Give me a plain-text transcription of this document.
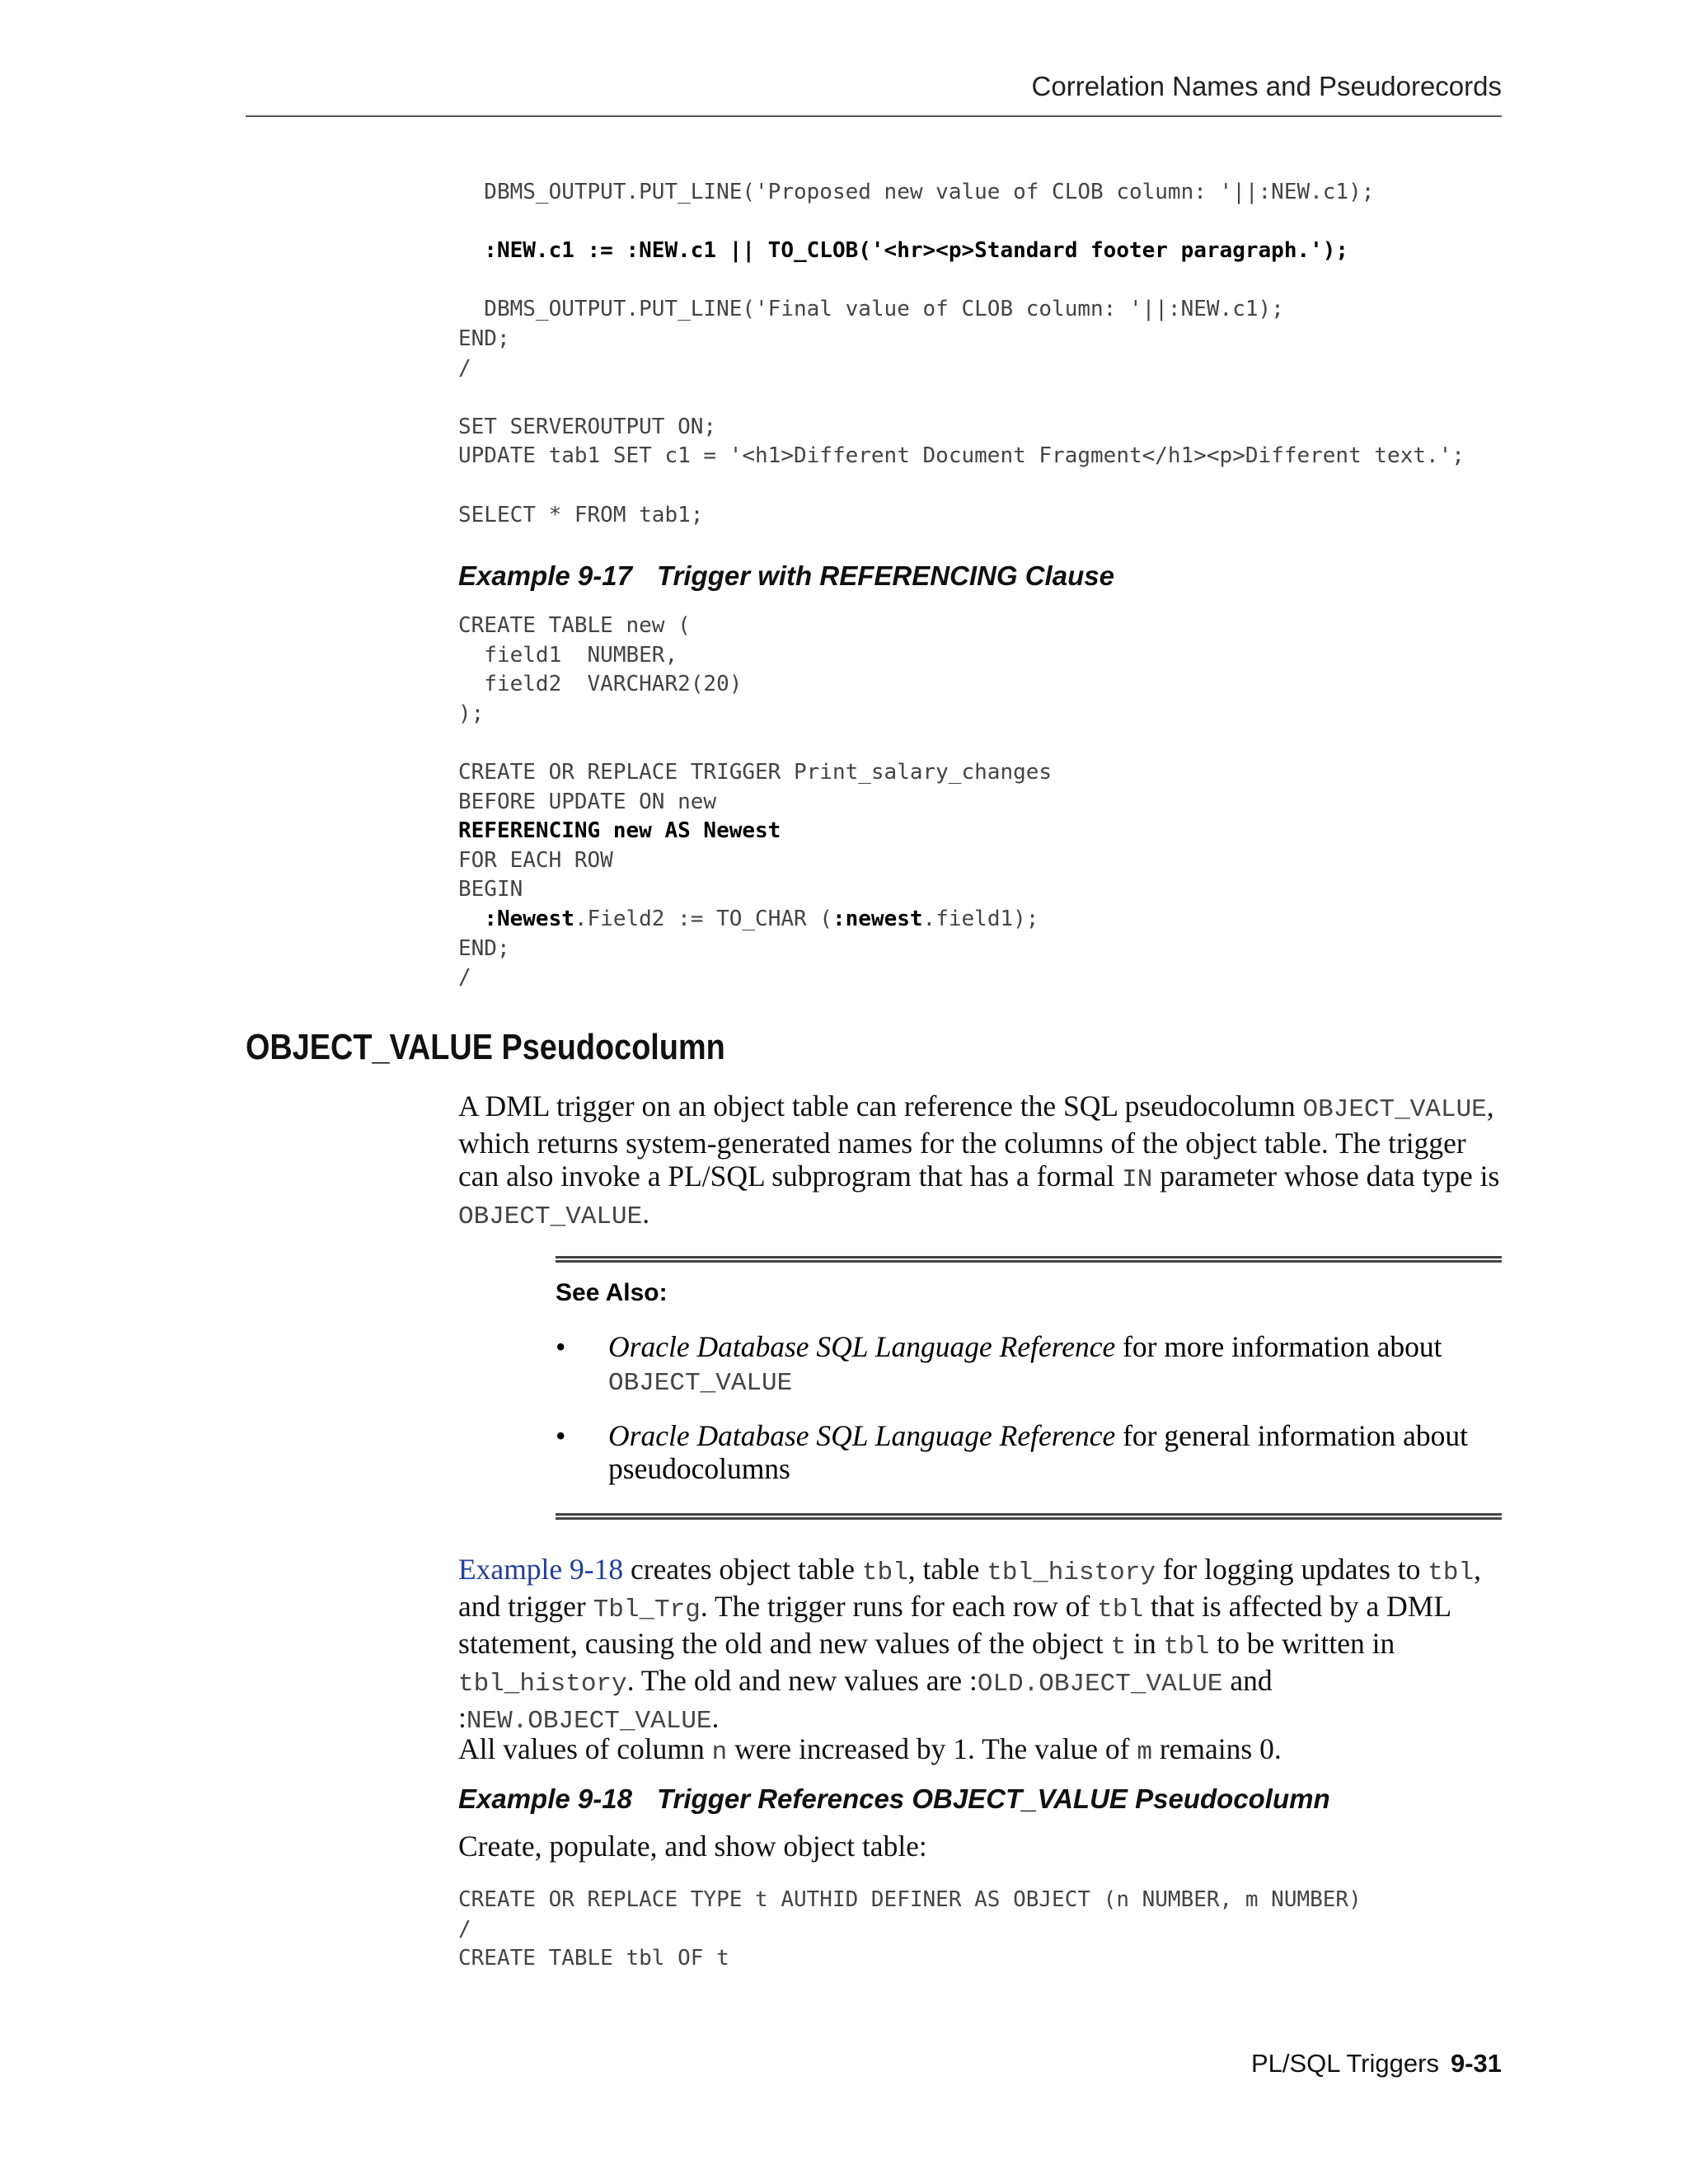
Correlation Names and Pseudorecords
DBMS_OUTPUT.PUT_LINE('Proposed new value of CLOB column: '||:NEW.c1);

:NEW.c1 := :NEW.c1 || TO_CLOB('<hr><p>Standard footer paragraph.');

DBMS_OUTPUT.PUT_LINE('Final value of CLOB column: '||:NEW.c1);
END;
/

SET SERVEROUTPUT ON;
UPDATE tab1 SET c1 = '<h1>Different Document Fragment</h1><p>Different text.';

SELECT * FROM tab1;
Example 9-17 Trigger with REFERENCING Clause
CREATE TABLE new (
field1  NUMBER,
field2  VARCHAR2(20)
);

CREATE OR REPLACE TRIGGER Print_salary_changes
BEFORE UPDATE ON new
REFERENCING new AS Newest
FOR EACH ROW
BEGIN
:Newest.Field2 := TO_CHAR (:newest.field1);
END;
/
OBJECT_VALUE Pseudocolumn

A DML trigger on an object table can reference the SQL pseudocolumn OBJECT_VALUE, which returns system-generated names for the columns of the object table. The trigger can also invoke a PL/SQL subprogram that has a formal IN parameter whose data type is OBJECT_VALUE.

See Also:
• Oracle Database SQL Language Reference for more information about OBJECT_VALUE
• Oracle Database SQL Language Reference for general information about pseudocolumns

Example 9-18 creates object table tbl, table tbl_history for logging updates to tbl, and trigger Tbl_Trg. The trigger runs for each row of tbl that is affected by a DML statement, causing the old and new values of the object t in tbl to be written in tbl_history. The old and new values are :OLD.OBJECT_VALUE and :NEW.OBJECT_VALUE.

All values of column n were increased by 1. The value of m remains 0.

Example 9-18 Trigger References OBJECT_VALUE Pseudocolumn

Create, populate, and show object table:

CREATE OR REPLACE TYPE t AUTHID DEFINER AS OBJECT (n NUMBER, m NUMBER)
/
CREATE TABLE tbl OF t
PL/SQL Triggers 9-31
